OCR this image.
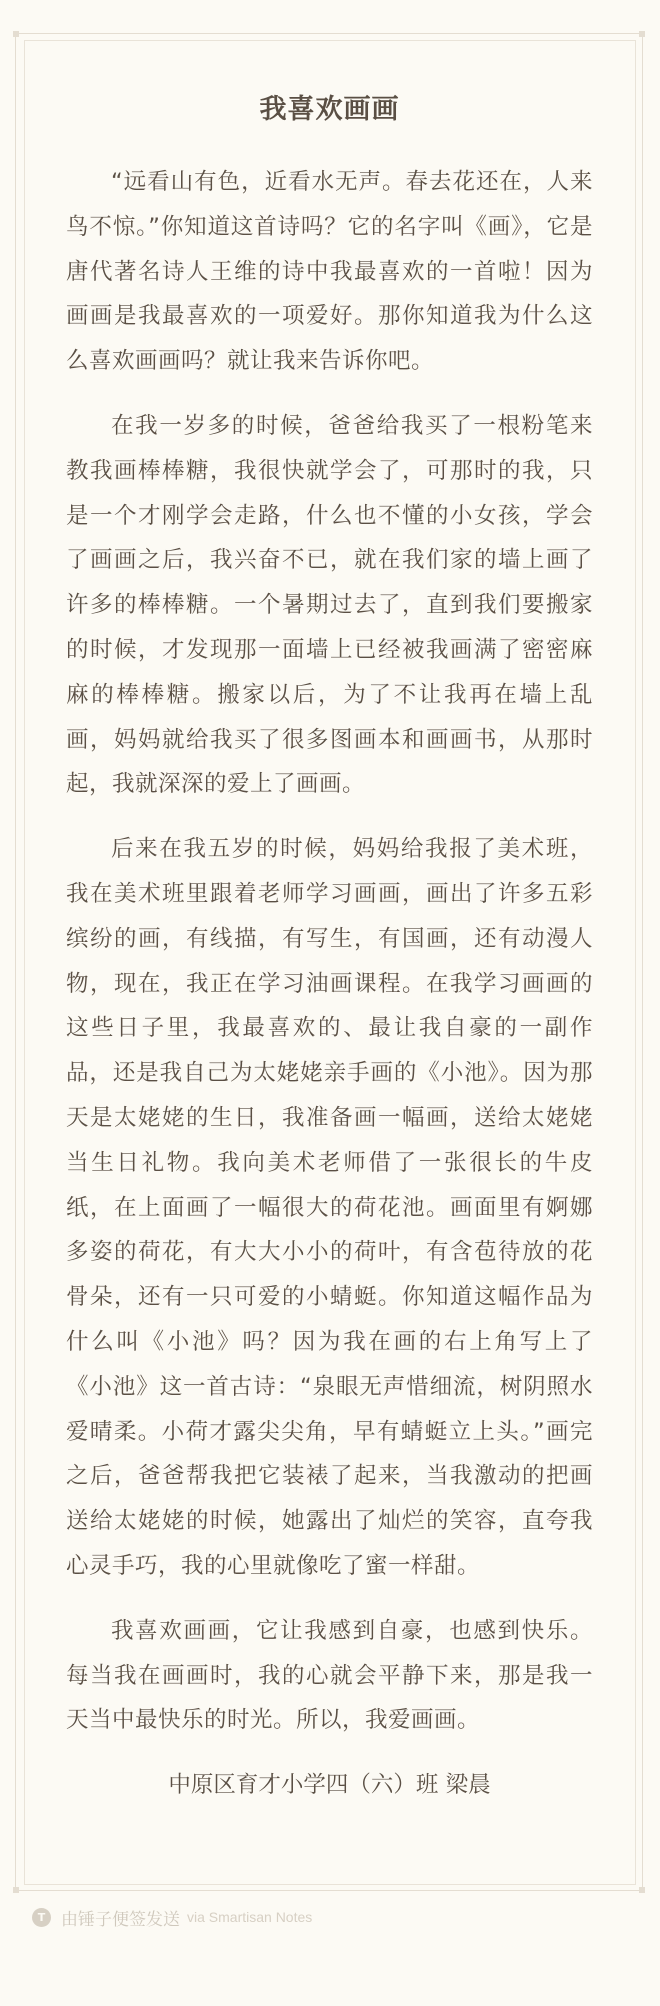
我喜欢画画

“远看山有色，近看水无声。春去花还在，人来鸟不惊。”你知道这首诗吗？它的名字叫《画》，它是唐代著名诗人王维的诗中我最喜欢的一首啦！因为画画是我最喜欢的一项爱好。那你知道我为什么这么喜欢画画吗？就让我来告诉你吧。

在我一岁多的时候，爸爸给我买了一根粉笔来教我画棒棒糖，我很快就学会了，可那时的我，只是一个才刚学会走路，什么也不懂的小女孩，学会了画画之后，我兴奋不已，就在我们家的墙上画了许多的棒棒糖。一个暑期过去了，直到我们要搬家的时候，才发现那一面墙上已经被我画满了密密麻麻的棒棒糖。搬家以后，为了不让我再在墙上乱画，妈妈就给我买了很多图画本和画画书，从那时起，我就深深的爱上了画画。

后来在我五岁的时候，妈妈给我报了美术班，我在美术班里跟着老师学习画画，画出了许多五彩缤纷的画，有线描，有写生，有国画，还有动漫人物，现在，我正在学习油画课程。在我学习画画的这些日子里，我最喜欢的、最让我自豪的一副作品，还是我自己为太姥姥亲手画的《小池》。因为那天是太姥姥的生日，我准备画一幅画，送给太姥姥当生日礼物。我向美术老师借了一张很长的牛皮纸，在上面画了一幅很大的荷花池。画面里有婀娜多姿的荷花，有大大小小的荷叶，有含苞待放的花骨朵，还有一只可爱的小蜻蜓。你知道这幅作品为什么叫《小池》吗？因为我在画的右上角写上了《小池》这一首古诗：“泉眼无声惜细流，树阴照水爱晴柔。小荷才露尖尖角，早有蜻蜓立上头。”画完之后，爸爸帮我把它装裱了起来，当我激动的把画送给太姥姥的时候，她露出了灿烂的笑容，直夸我心灵手巧，我的心里就像吃了蜜一样甜。

我喜欢画画，它让我感到自豪，也感到快乐。每当我在画画时，我的心就会平静下来，那是我一天当中最快乐的时光。所以，我爱画画。

中原区育才小学四（六）班 梁晨
T 由锤子便签发送 via Smartisan Notes
